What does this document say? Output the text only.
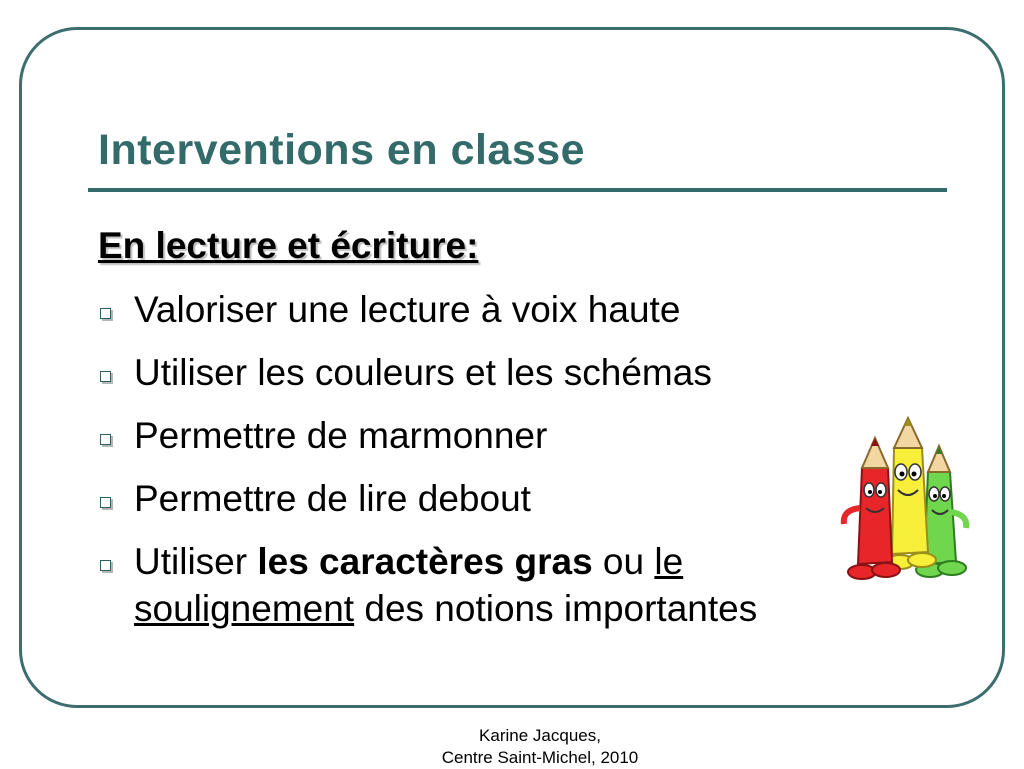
Interventions en classe
En lecture et écriture:
Valoriser une lecture à voix haute
Utiliser les couleurs et les schémas
Permettre de marmonner
Permettre de lire debout
Utiliser les caractères gras ou le soulignement des notions importantes
Karine Jacques,
Centre Saint-Michel, 2010
